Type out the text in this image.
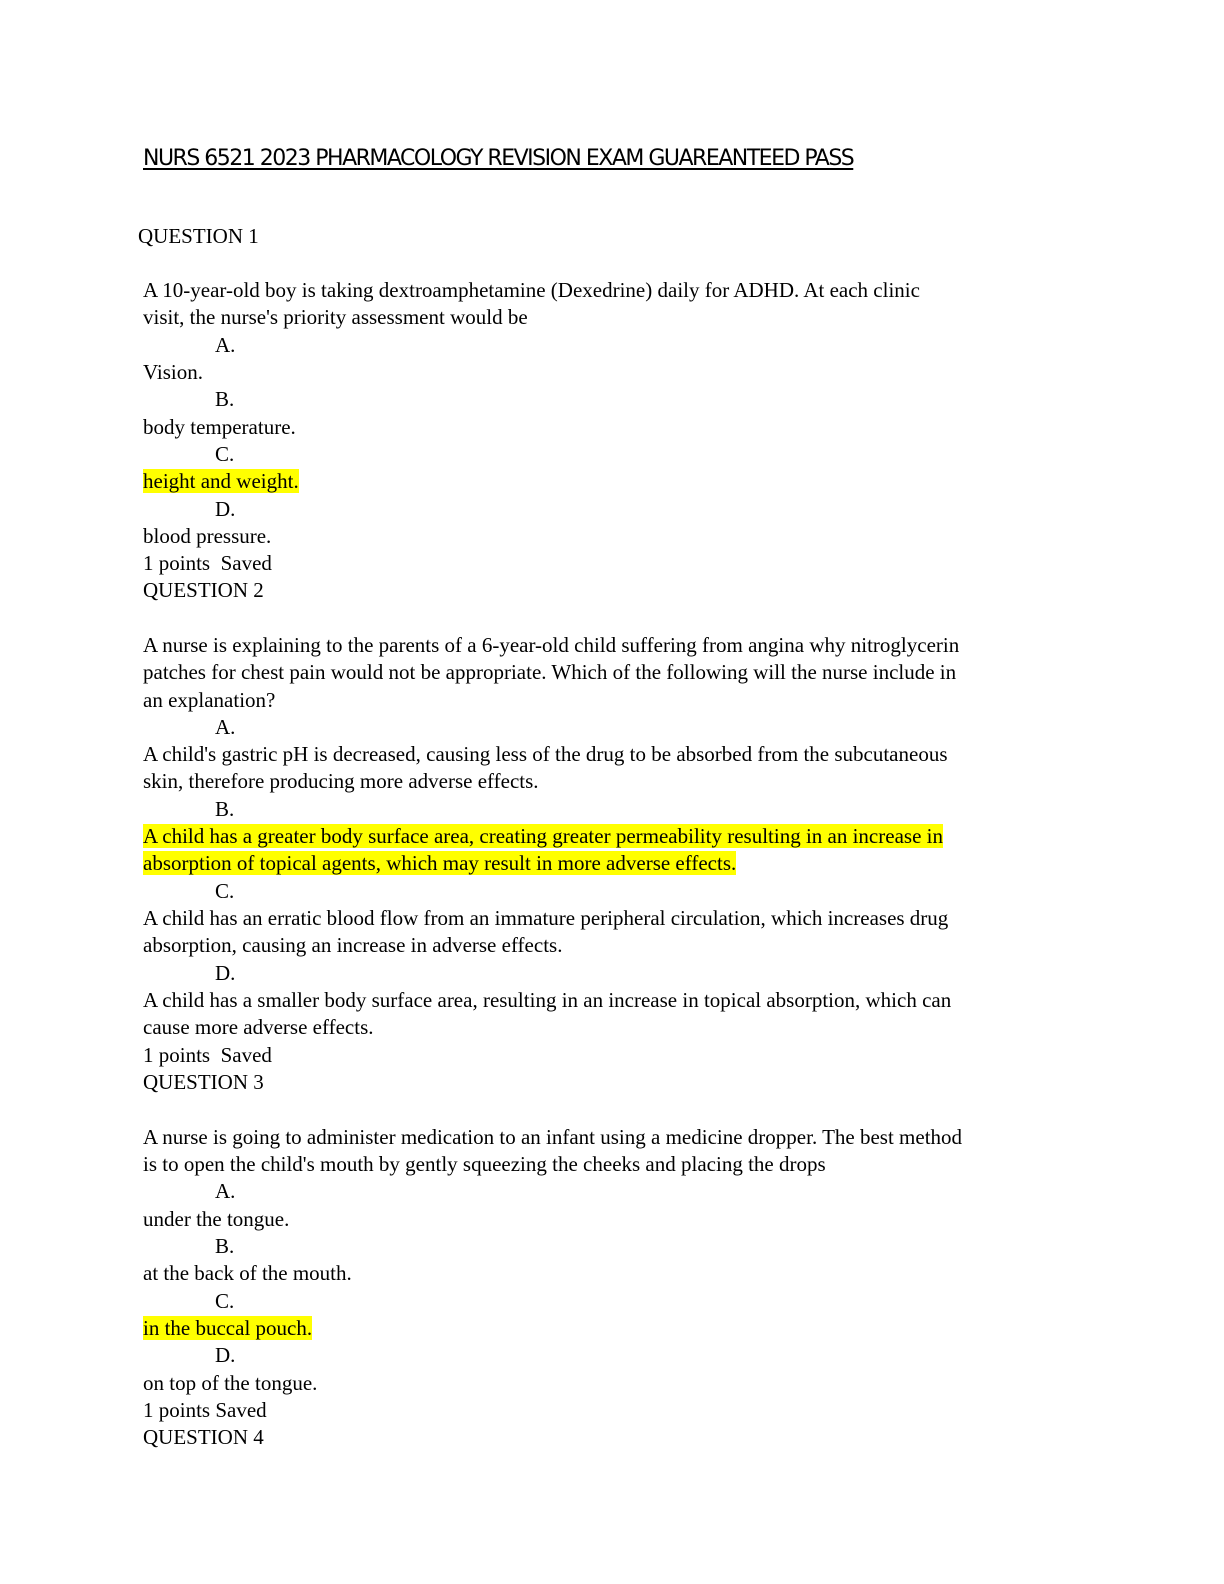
NURS 6521 2023 PHARMACOLOGY REVISION EXAM GUAREANTEED PASS
QUESTION 1
A 10-year-old boy is taking dextroamphetamine (Dexedrine) daily for ADHD. At each clinic
visit, the nurse's priority assessment would be
A.
Vision.
B.
body temperature.
C.
height and weight.
D.
blood pressure.
1 points  Saved
QUESTION 2
A nurse is explaining to the parents of a 6-year-old child suffering from angina why nitroglycerin
patches for chest pain would not be appropriate. Which of the following will the nurse include in
an explanation?
A.
A child's gastric pH is decreased, causing less of the drug to be absorbed from the subcutaneous
skin, therefore producing more adverse effects.
B.
A child has a greater body surface area, creating greater permeability resulting in an increase in
absorption of topical agents, which may result in more adverse effects.
C.
A child has an erratic blood flow from an immature peripheral circulation, which increases drug
absorption, causing an increase in adverse effects.
D.
A child has a smaller body surface area, resulting in an increase in topical absorption, which can
cause more adverse effects.
1 points  Saved
QUESTION 3
A nurse is going to administer medication to an infant using a medicine dropper. The best method
is to open the child's mouth by gently squeezing the cheeks and placing the drops
A.
under the tongue.
B.
at the back of the mouth.
C.
in the buccal pouch.
D.
on top of the tongue.
1 points Saved
QUESTION 4
